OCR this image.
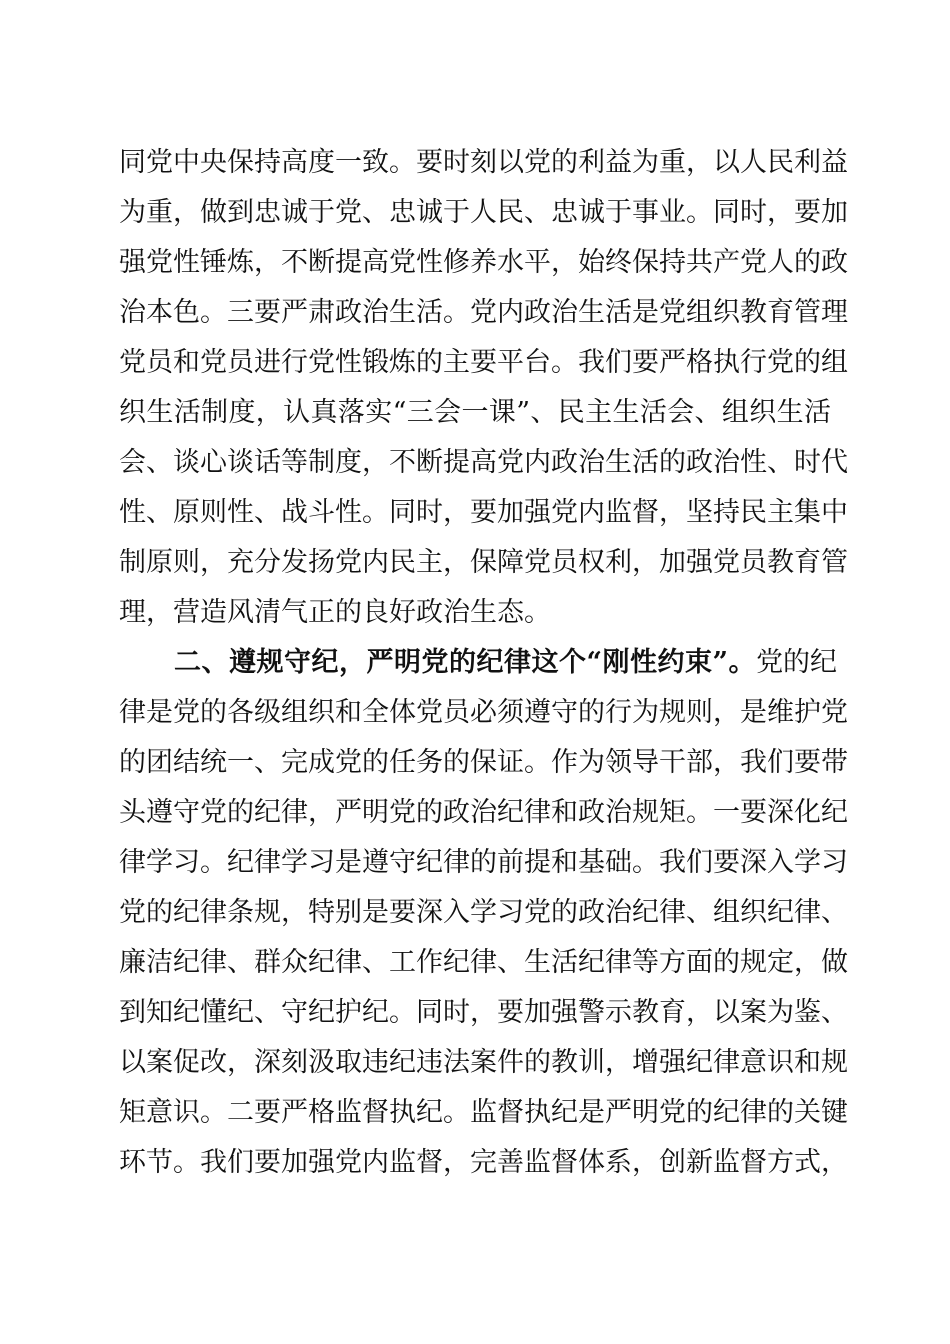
同党中央保持高度一致。要时刻以党的利益为重，以人民利益
为重，做到忠诚于党、忠诚于人民、忠诚于事业。同时，要加
强党性锤炼，不断提高党性修养水平，始终保持共产党人的政
治本色。三要严肃政治生活。党内政治生活是党组织教育管理
党员和党员进行党性锻炼的主要平台。我们要严格执行党的组
织生活制度，认真落实“三会一课”、民主生活会、组织生活
会、谈心谈话等制度，不断提高党内政治生活的政治性、时代
性、原则性、战斗性。同时，要加强党内监督，坚持民主集中
制原则，充分发扬党内民主，保障党员权利，加强党员教育管
理，营造风清气正的良好政治生态。
二、遵规守纪，严明党的纪律这个“刚性约束”。党的纪
律是党的各级组织和全体党员必须遵守的行为规则，是维护党
的团结统一、完成党的任务的保证。作为领导干部，我们要带
头遵守党的纪律，严明党的政治纪律和政治规矩。一要深化纪
律学习。纪律学习是遵守纪律的前提和基础。我们要深入学习
党的纪律条规，特别是要深入学习党的政治纪律、组织纪律、
廉洁纪律、群众纪律、工作纪律、生活纪律等方面的规定，做
到知纪懂纪、守纪护纪。同时，要加强警示教育，以案为鉴、
以案促改，深刻汲取违纪违法案件的教训，增强纪律意识和规
矩意识。二要严格监督执纪。监督执纪是严明党的纪律的关键
环节。我们要加强党内监督，完善监督体系，创新监督方式，
